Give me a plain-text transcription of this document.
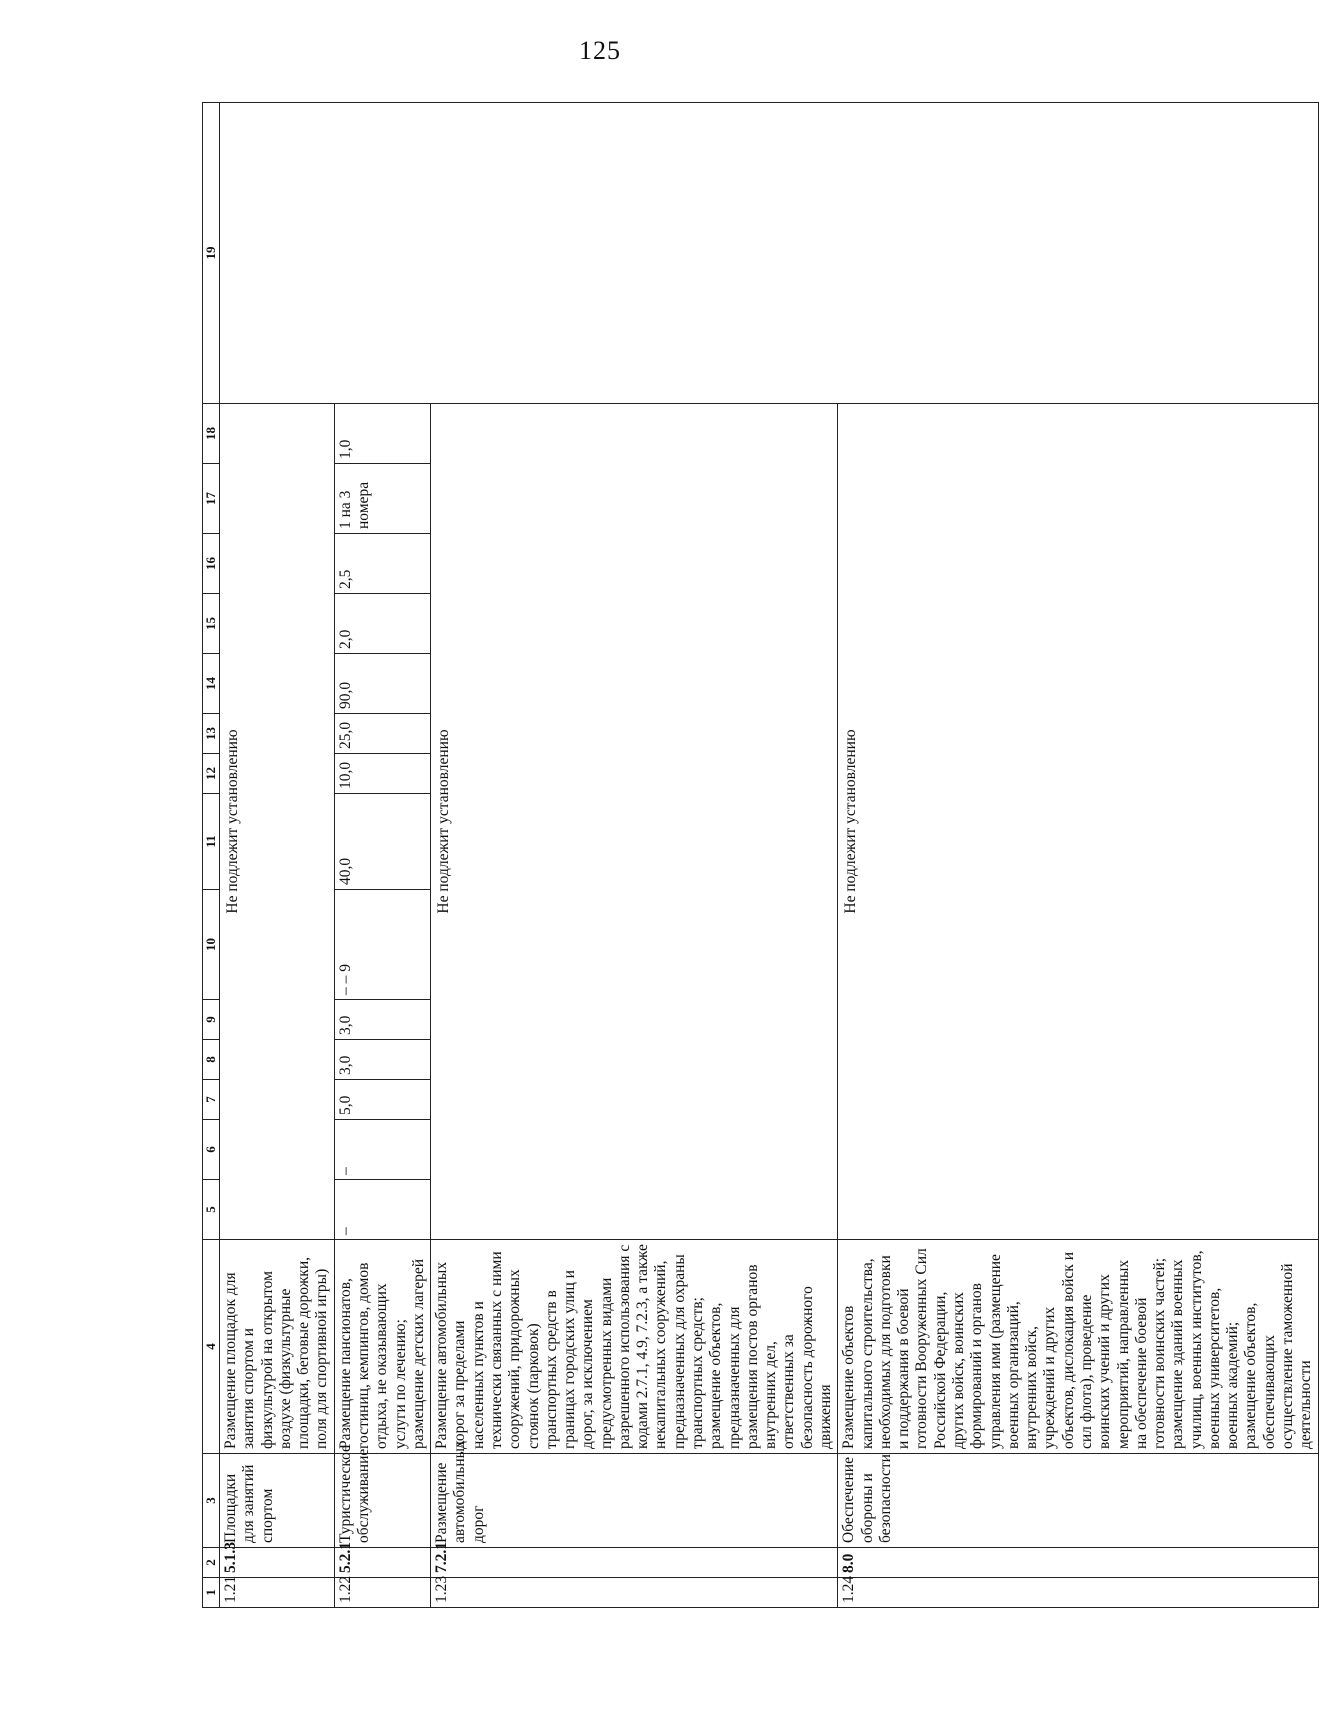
125
1	2	3	4	5	6	7	8	9	10	11	12	13	14	15	16	17	18	19
1.21	5.1.3	Площадки для занятий спортом	Размещение площадок для занятия спортом и физкультурой на открытом воздухе (физкультурные площадки, беговые дорожки, поля для спортивной игры)	Не подлежит установлению														
1.22	5.2.1	Туристическое обслуживание	Размещение пансионатов, гостиниц, кемпингов, домов отдыха, не оказывающих услуги по лечению; размещение детских лагерей	–	–	5,0	3,0	3,0	– – 9	40,0	10,0	25,0	90,0	2,0	2,5	1 на 3 номера	1,0	
1.23	7.2.1	Размещение автомобильных дорог	Размещение автомобильных дорог за пределами населенных пунктов и технически связанных с ними сооружений, придорожных стоянок (парковок) транспортных средств в границах городских улиц и дорог, за исключением предусмотренных видами разрешенного использования с кодами 2.7.1, 4.9, 7.2.3, а также некапитальных сооружений, предназначенных для охраны транспортных средств; размещение объектов, предназначенных для размещения постов органов внутренних дел, ответственных за безопасность дорожного движения	Не подлежит установлению														
1.24	8.0	Обеспечение обороны и безопасности	Размещение объектов капитального строительства, необходимых для подготовки и поддержания в боевой готовности Вооруженных Сил Российской Федерации, других войск, воинских формирований и органов управления ими (размещение военных организаций, внутренних войск, учреждений и других объектов, дислокация войск и сил флота), проведение воинских учений и других мероприятий, направленных на обеспечение боевой готовности воинских частей; размещение зданий военных училищ, военных институтов, военных университетов, военных академий; размещение объектов, обеспечивающих осуществление таможенной деятельности	Не подлежит установлению														
